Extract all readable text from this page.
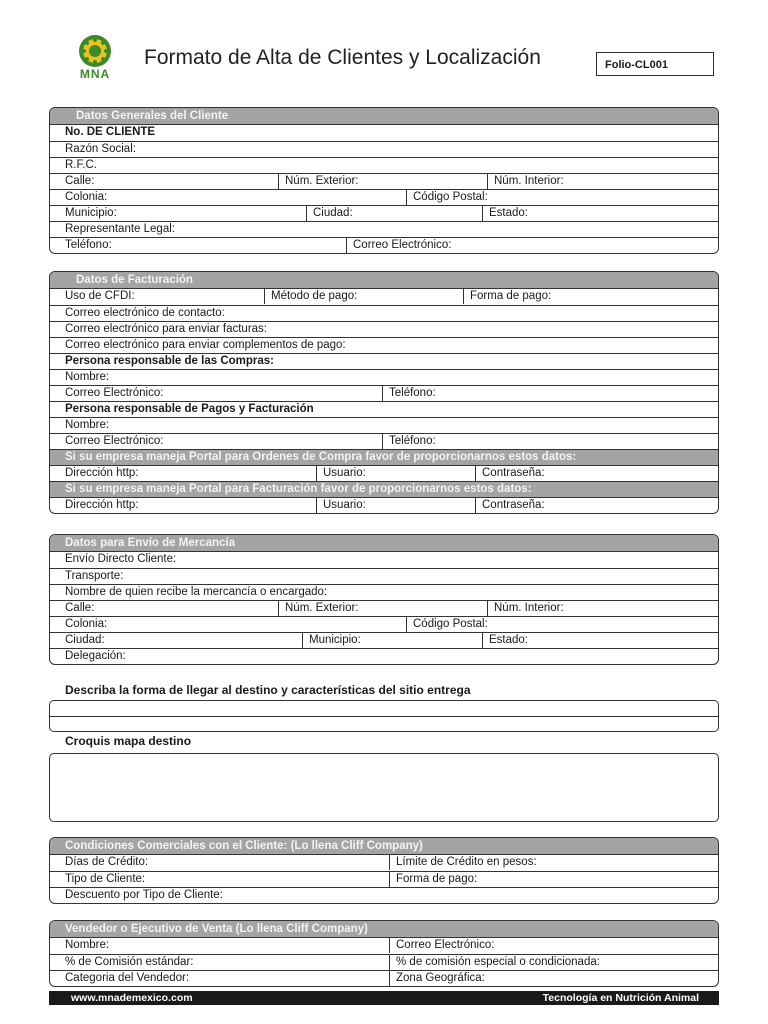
MNA
Formato de Alta de Clientes y Localización	Folio-CL001
Datos Generales del Cliente
No. DE CLIENTE
Razón Social:
R.F.C.
Calle:	Núm. Exterior:	Núm. Interior:
Colonia:	Código Postal:
Municipio:	Ciudad:	Estado:
Representante Legal:
Teléfono:	Correo Electrónico:
Datos de Facturación
Uso de CFDI:	Método de pago:	Forma de pago:
Correo electrónico de contacto:
Correo electrónico para enviar facturas:
Correo electrónico para enviar complementos de pago:
Persona responsable de las Compras:
Nombre:
Correo Electrónico:	Teléfono:
Persona responsable de Pagos y Facturación
Nombre:
Correo Electrónico:	Teléfono:
Si su empresa maneja Portal para Ordenes de Compra favor de proporcionarnos estos datos:
Dirección http:	Usuario:	Contraseña:
Si su empresa maneja Portal para Facturación favor de proporcionarnos estos datos:
Dirección http:	Usuario:	Contraseña:
Datos para Envío de Mercancía
Envío Directo Cliente:
Transporte:
Nombre de quien recibe la mercancía o encargado:
Calle:	Núm. Exterior:	Núm. Interior:
Colonia:	Código Postal:
Ciudad:	Municipio:	Estado:
Delegación:
Describa la forma de llegar al destino y características del sitio entrega
Croquis mapa destino
Condiciones Comerciales con el Cliente: (Lo llena Cliff Company)
Días de Crédito:	Límite de Crédito en pesos:
Tipo de Cliente:	Forma de pago:
Descuento por Tipo de Cliente:
Vendedor o Ejecutivo de Venta (Lo llena Cliff Company)
Nombre:	Correo Electrónico:
% de Comisión estándar:	% de comisión especial o condicionada:
Categoria del Vendedor:	Zona Geográfica:
www.mnademexico.com	Tecnología en Nutrición Animal
